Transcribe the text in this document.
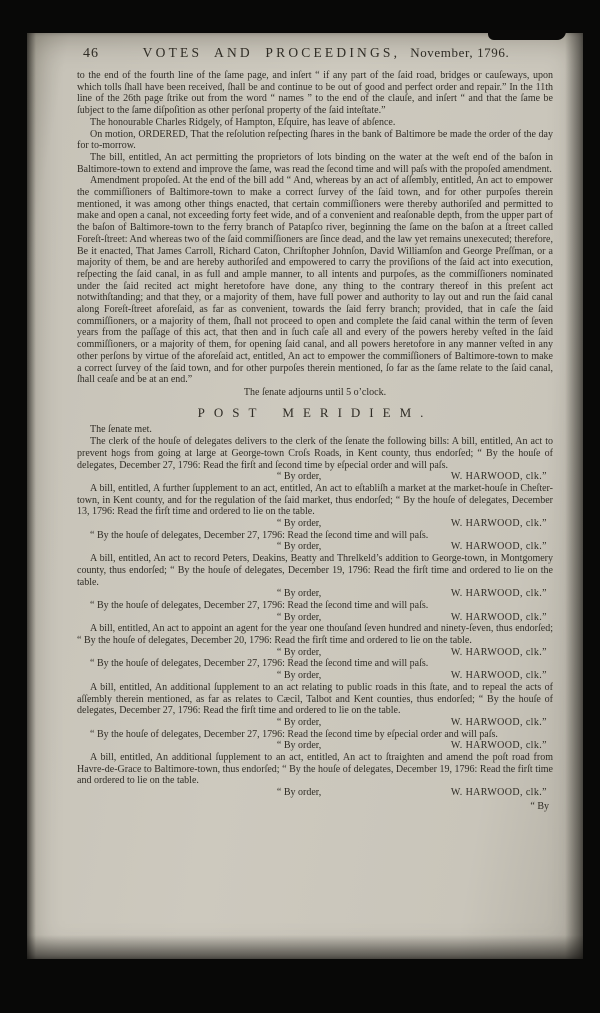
46	VOTES AND PROCEEDINGS, November, 1796.

to the end of the fourth line of the ſame page, and inſert “ if any part of the ſaid road, bridges or cauſeways, upon which tolls ſhall have been received, ſhall be and continue to be out of good and perfect order and repair.” In the 11th line of the 26th page ſtrike out from the word “ names ” to the end of the clauſe, and inſert “ and that the ſame be ſubject to the ſame diſpoſition as other perſonal property of the ſaid inteſtate.”

The honourable Charles Ridgely, of Hampton, Eſquire, has leave of abſence.

On motion, ORDERED, That the reſolution reſpecting ſhares in the bank of Baltimore be made the order of the day for to-morrow.

The bill, entitled, An act permitting the proprietors of lots binding on the water at the weſt end of the baſon in Baltimore-town to extend and improve the ſame, was read the ſecond time and will paſs with the propoſed amendment.

Amendment propoſed. At the end of the bill add “ And, whereas by an act of aſſembly, entitled, An act to empower the commiſſioners of Baltimore-town to make a correct ſurvey of the ſaid town, and for other purpoſes therein mentioned, it was among other things enacted, that certain commiſſioners were thereby authoriſed and permitted to make and open a canal, not exceeding forty feet wide, and of a convenient and reaſonable depth, from the upper part of the baſon of Baltimore-town to the ferry branch of Patapſco river, beginning the ſame on the baſon at a ſtreet called Foreſt-ſtreet: And whereas two of the ſaid commiſſioners are ſince dead, and the law yet remains unexecuted; therefore, Be it enacted, That James Carroll, Richard Caton, Chriſtopher Johnſon, David Williamſon and George Preſſman, or a majority of them, be and are hereby authoriſed and empowered to carry the proviſions of the ſaid act into execution, reſpecting the ſaid canal, in as full and ample manner, to all intents and purpoſes, as the commiſſioners nominated under the ſaid recited act might heretofore have done, any thing to the contrary thereof in this preſent act notwithſtanding; and that they, or a majority of them, have full power and authority to lay out and run the ſaid canal along Foreſt-ſtreet aforeſaid, as far as convenient, towards the ſaid ferry branch; provided, that in caſe the ſaid commiſſioners, or a majority of them, ſhall not proceed to open and complete the ſaid canal within the term of ſeven years from the paſſage of this act, that then and in ſuch caſe all and every of the powers hereby veſted in the ſaid commiſſioners, or a majority of them, for opening ſaid canal, and all powers heretofore in any manner veſted in any other perſons by virtue of the aforeſaid act, entitled, An act to empower the commiſſioners of Baltimore-town to make a correct ſurvey of the ſaid town, and for other purpoſes therein mentioned, ſo far as the ſame relate to the ſaid canal, ſhall ceaſe and be at an end.”

The ſenate adjourns until 5 o’clock.

POST MERIDIEM.

The ſenate met.

The clerk of the houſe of delegates delivers to the clerk of the ſenate the following bills: A bill, entitled, An act to prevent hogs from going at large at George-town Croſs Roads, in Kent county, thus endorſed; “ By the houſe of delegates, December 27, 1796: Read the firſt and ſecond time by eſpecial order and will paſs.

“ By order,	W. HARWOOD, clk.”

A bill, entitled, A further ſupplement to an act, entitled, An act to eſtabliſh a market at the market-houſe in Cheſter-town, in Kent county, and for the regulation of the ſaid market, thus endorſed; “ By the houſe of delegates, December 13, 1796: Read the firſt time and ordered to lie on the table.

“ By order,	W. HARWOOD, clk.”

“ By the houſe of delegates, December 27, 1796: Read the ſecond time and will paſs.

“ By order,	W. HARWOOD, clk.”

A bill, entitled, An act to record Peters, Deakins, Beatty and Threlkeld’s addition to George-town, in Montgomery county, thus endorſed; “ By the houſe of delegates, December 19, 1796: Read the firſt time and ordered to lie on the table.

“ By order,	W. HARWOOD, clk.”

“ By the houſe of delegates, December 27, 1796: Read the ſecond time and will paſs.

“ By order,	W. HARWOOD, clk.”

A bill, entitled, An act to appoint an agent for the year one thouſand ſeven hundred and ninety-ſeven, thus endorſed; “ By the houſe of delegates, December 20, 1796: Read the firſt time and ordered to lie on the table.

“ By order,	W. HARWOOD, clk.”

“ By the houſe of delegates, December 27, 1796: Read the ſecond time and will paſs.

“ By order,	W. HARWOOD, clk.”

A bill, entitled, An additional ſupplement to an act relating to public roads in this ſtate, and to repeal the acts of aſſembly therein mentioned, as far as relates to Cæcil, Talbot and Kent counties, thus endorſed; “ By the houſe of delegates, December 27, 1796: Read the firſt time and ordered to lie on the table.

“ By order,	W. HARWOOD, clk.”

“ By the houſe of delegates, December 27, 1796: Read the ſecond time by eſpecial order and will paſs.

“ By order,	W. HARWOOD, clk.”

A bill, entitled, An additional ſupplement to an act, entitled, An act to ſtraighten and amend the poſt road from Havre-de-Grace to Baltimore-town, thus endorſed; “ By the houſe of delegates, December 19, 1796: Read the firſt time and ordered to lie on the table.

“ By order,	W. HARWOOD, clk.”
“ By
